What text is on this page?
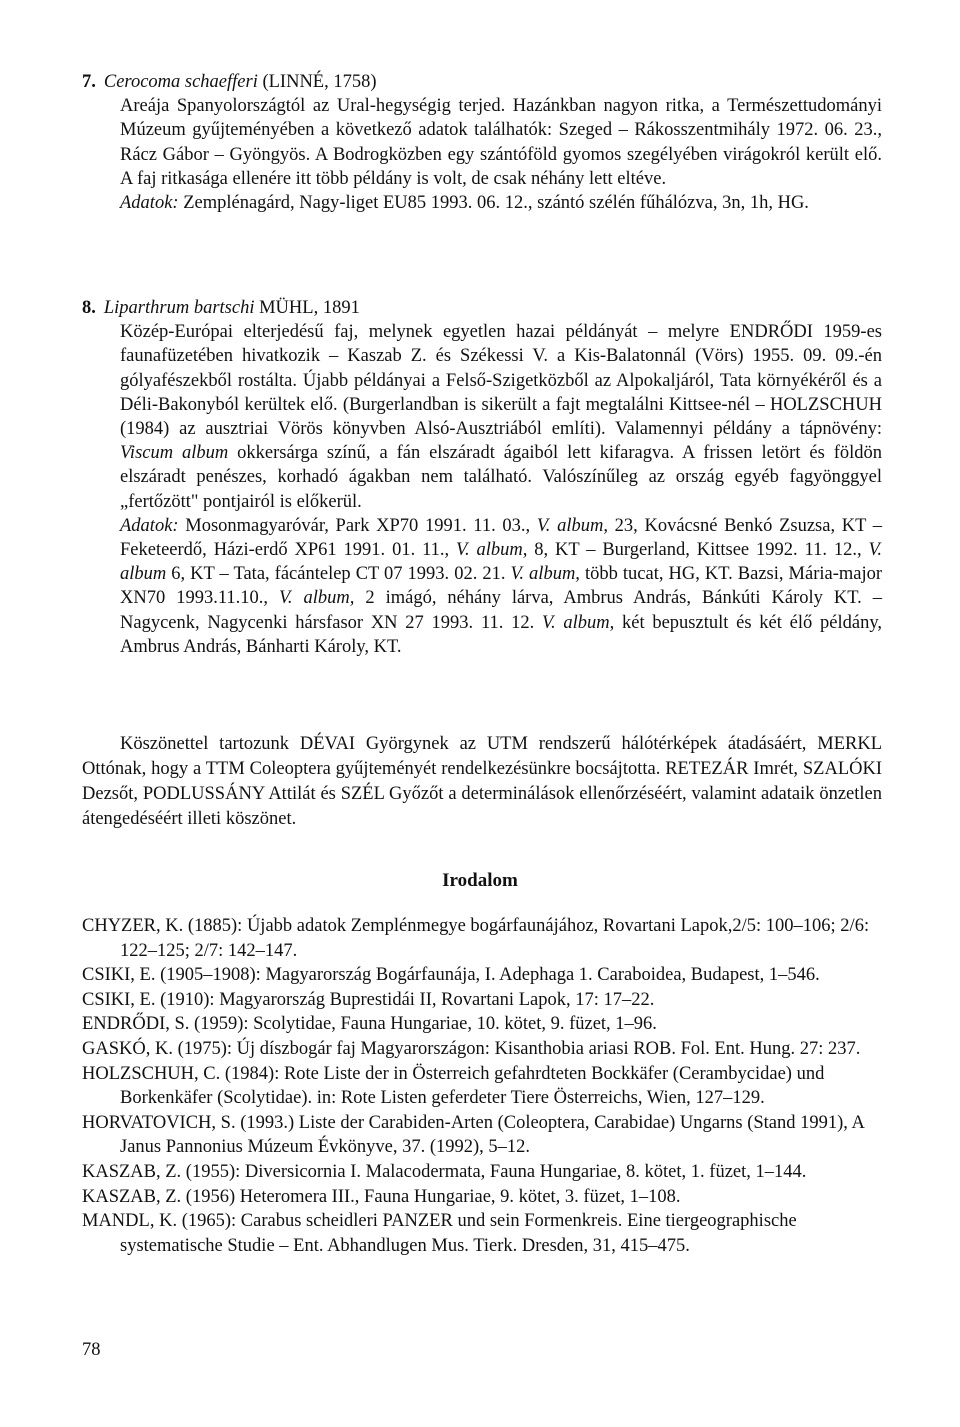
7. Cerocoma schaefferi (LINNÉ, 1758)

Areája Spanyolországtól az Ural-hegységig terjed. Hazánkban nagyon ritka, a Természettudományi Múzeum gyűjteményében a következő adatok találhatók: Szeged – Rákosszentmihály 1972. 06. 23., Rácz Gábor – Gyöngyös. A Bodrogközben egy szántóföld gyomos szegélyében virágokról került elő. A faj ritkasága ellenére itt több példány is volt, de csak néhány lett eltéve.
Adatok: Zemplénagárd, Nagy-liget EU85 1993. 06. 12., szántó szélén fűhálózva, 3n, 1h, HG.

8. Liparthrum bartschi MÜHL, 1891

Közép-Európai elterjedésű faj, melynek egyetlen hazai példányát – melyre ENDRŐDI 1959-es faunafüzetében hivatkozik – Kaszab Z. és Székessi V. a Kis-Balatonnál (Vörs) 1955. 09. 09.-én gólyafészekből rostálta. Újabb példányai a Felső-Szigetközből az Alpokaljáról, Tata környékéről és a Déli-Bakonyból kerültek elő. (Burgerlandban is sikerült a fajt megtalálni Kittsee-nél – HOLZSCHUH (1984) az ausztriai Vörös könyvben Alsó-Ausztriából említi). Valamennyi példány a tápnövény: Viscum album okkersárga színű, a fán elszáradt ágaiból lett kifaragva. A frissen letört és földön elszáradt penészes, korhadó ágakban nem található. Valószínűleg az ország egyéb fagyönggyel „fertőzött" pontjairól is előkerül.
Adatok: Mosonmagyaróvár, Park XP70 1991. 11. 03., V. album, 23, Kovácsné Benkó Zsuzsa, KT – Feketeerdő, Házi-erdő XP61 1991. 01. 11., V. album, 8, KT – Burgerland, Kittsee 1992. 11. 12., V. album 6, KT – Tata, fácántelep CT 07 1993. 02. 21. V. album, több tucat, HG, KT. Bazsi, Mária-major XN70 1993.11.10., V. album, 2 imágó, néhány lárva, Ambrus András, Bánkúti Károly KT. – Nagycenk, Nagycenki hársfasor XN 27 1993. 11. 12. V. album, két bepusztult és két élő példány, Ambrus András, Bánharti Károly, KT.

Köszönettel tartozunk DÉVAI Györgynek az UTM rendszerű hálótérképek átadásáért, MERKL Ottónak, hogy a TTM Coleoptera gyűjteményét rendelkezésünkre bocsájtotta. RETEZÁR Imrét, SZALÓKI Dezsőt, PODLUSSÁNY Attilát és SZÉL Győzőt a determinálások ellenőrzéséért, valamint adataik önzetlen átengedéséért illeti köszönet.

Irodalom

CHYZER, K. (1885): Újabb adatok Zemplénmegye bogárfaunájához, Rovartani Lapok,2/5: 100–106; 2/6: 122–125; 2/7: 142–147.

CSIKI, E. (1905–1908): Magyarország Bogárfaunája, I. Adephaga 1. Caraboidea, Budapest, 1–546.

CSIKI, E. (1910): Magyarország Buprestidái II, Rovartani Lapok, 17: 17–22.

ENDRŐDI, S. (1959): Scolytidae, Fauna Hungariae, 10. kötet, 9. füzet, 1–96.

GASKÓ, K. (1975): Új díszbogár faj Magyarországon: Kisanthobia ariasi ROB. Fol. Ent. Hung. 27: 237.

HOLZSCHUH, C. (1984): Rote Liste der in Österreich gefahrdteten Bockkäfer (Cerambycidae) und Borkenkäfer (Scolytidae). in: Rote Listen geferdeter Tiere Österreichs, Wien, 127–129.

HORVATOVICH, S. (1993.) Liste der Carabiden-Arten (Coleoptera, Carabidae) Ungarns (Stand 1991), A Janus Pannonius Múzeum Évkönyve, 37. (1992), 5–12.

KASZAB, Z. (1955): Diversicornia I. Malacodermata, Fauna Hungariae, 8. kötet, 1. füzet, 1–144.

KASZAB, Z. (1956) Heteromera III., Fauna Hungariae, 9. kötet, 3. füzet, 1–108.

MANDL, K. (1965): Carabus scheidleri PANZER und sein Formenkreis. Eine tiergeographische systematische Studie – Ent. Abhandlugen Mus. Tierk. Dresden, 31, 415–475.

78
